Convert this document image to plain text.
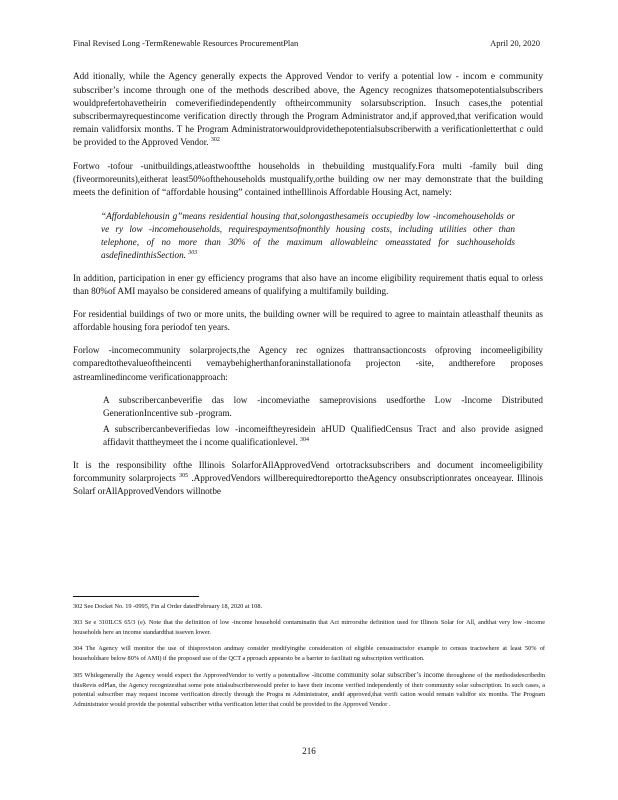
Final Revised Long -TermRenewable Resources ProcurementPlan	April 20, 2020

Add itionally, while the Agency generally expects the Approved Vendor to verify a potential low - incom e community subscriber’s income through one of the methods described above, the Agency recognizes thatsomepotentialsubscribers wouldprefertohavetheirin comeverifiedindependently oftheircommunity solarsubscription. Insuch cases,the potential subscribermayrequestincome verification directly through the Program Administrator and,if approved,that verification would remain validforsix months. T he Program Administratorwouldprovidethepotentialsubscriberwith a verificationletterthat c ould be provided to the Approved Vendor. $^{302}$

Fortwo -tofour -unitbuildings,atleastwooftthe households in thebuilding mustqualify.Fora multi -family buil ding (fiveormoreunits),eitherat least50%ofthehouseholds mustqualify,orthe building ow ner may demonstrate that the building meets the definition of “affordable housing” contained intheIllinois Affordable Housing Act, namely:

“Affordablehousin g”means residential housing that,solongasthesameis occupiedby low -incomehouseholds or ve ry low -incomehouseholds, requirespaymentsofmonthly housing costs, including utilities other than telephone, of no more than 30% of the maximum allowableinc omeasstated for suchhouseholds asdefinedinthisSection. $^{303}$

In addition, participation in ener gy efficiency programs that also have an income eligibility requirement thatis equal to orless than 80%of AMI mayalso be considered ameans of qualifying a multifamily building.

For residential buildings of two or more units, the building owner will be required to agree to maintain atleasthalf theunits as affordable housing fora periodof ten years.

Forlow -incomecommunity solarprojects,the Agency rec ognizes thattransactioncosts ofproving incomeeligibility comparedtothevalueoftheincenti vemaybehigherthanforaninstallationofa projecton -site, andtherefore proposes astreamlinedincome verificationapproach:

A subscribercanbeverifie das low -incomeviathe sameprovisions usedforthe Low -Income Distributed GenerationIncentive sub -program.
A subscribercanbeverifiedas low -incomeiftheyresidein aHUD QualifiedCensus Tract and also provide asigned affidavit thattheymeet the i ncome qualificationlevel. $^{304}$

It is the responsibility ofthe Illinois SolarforAllApprovedVend ortotracksubscribers and document incomeeligibility forcommunity solarprojects $^{305}$ .ApprovedVendors willberequiredtoreportto theAgency onsubscriptionrates onceayear. Illinois Solarf orAllApprovedVendors willnotbe

302 See Docket No. 19 -0995, Fin al Order datedFebruary 18, 2020 at 108.

303 Se e 310ILCS 65/3 (e). Note that the definition of low -income household contaminatin that Act mirrorsthe definition used for Illinois Solar for All, andthat very low -income households here an income standardthat isseven lower.

304 The Agency will monitor the use of thisprovision andmay consider modifyingthe consideration of eligible censustractsfor example to census tractswhere at least 50% of householdsare below 80% of AMI) if the proposed use of the QCT a pproach appearsto be a barrier to facilitati ng subscription verification.

305 Whilegenerally the Agency would expect the ApprovedVendor to verify a potentiallow -income community solar subscriber’s income throughone of the methodsdescribedin thisRevis edPlan, the Agency recognizesthat some pote ntialsubscriberswould prefer to have their income verified independently of their community solar subscription. In such cases, a potential subscriber may request income verification directly through the Progra m Administrator, andif approved,that verifi cation would remain validfor six months. The Program Administrator would provide the potential subscriber witha verification letter that could be provided to the Approved Vendor .

216
